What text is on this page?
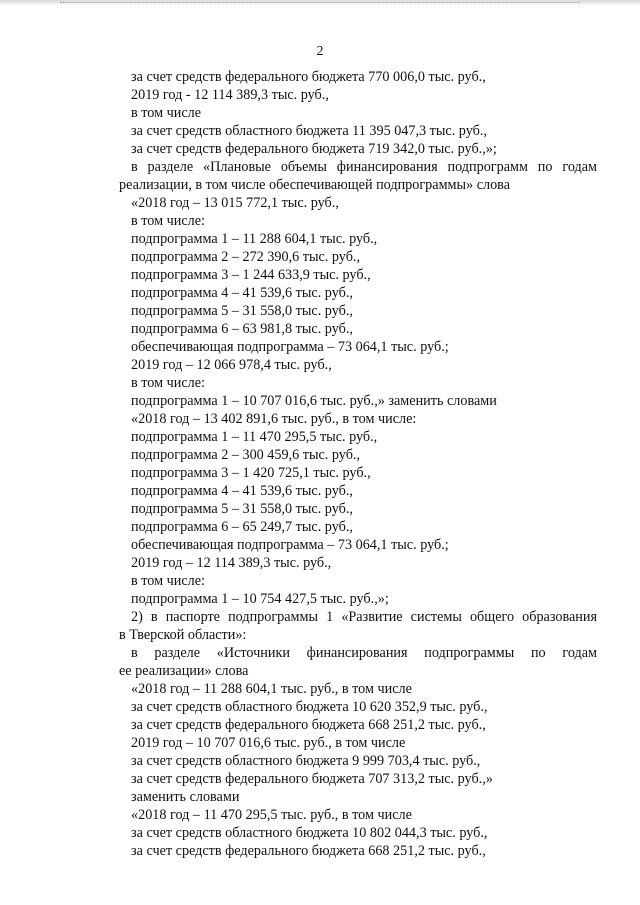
2
за счет средств федерального бюджета 770 006,0 тыс. руб.,
2019 год - 12 114 389,3 тыс. руб.,
в том числе
за счет средств областного бюджета 11 395 047,3 тыс. руб.,
за счет средств федерального бюджета 719 342,0 тыс. руб.,»;
в разделе «Плановые объемы финансирования подпрограмм по годам
реализации, в том числе обеспечивающей подпрограммы» слова
«2018 год – 13 015 772,1 тыс. руб.,
в том числе:
подпрограмма 1 – 11 288 604,1 тыс. руб.,
подпрограмма 2 – 272 390,6 тыс. руб.,
подпрограмма 3 – 1 244 633,9 тыс. руб.,
подпрограмма 4 – 41 539,6 тыс. руб.,
подпрограмма 5 – 31 558,0 тыс. руб.,
подпрограмма 6 – 63 981,8 тыс. руб.,
обеспечивающая подпрограмма – 73 064,1 тыс. руб.;
2019 год – 12 066 978,4 тыс. руб.,
в том числе:
подпрограмма 1 – 10 707 016,6 тыс. руб.,» заменить словами
«2018 год – 13 402 891,6 тыс. руб., в том числе:
подпрограмма 1 – 11 470 295,5 тыс. руб.,
подпрограмма 2 – 300 459,6 тыс. руб.,
подпрограмма 3 – 1 420 725,1 тыс. руб.,
подпрограмма 4 – 41 539,6 тыс. руб.,
подпрограмма 5 – 31 558,0 тыс. руб.,
подпрограмма 6 – 65 249,7 тыс. руб.,
обеспечивающая подпрограмма – 73 064,1 тыс. руб.;
2019 год – 12 114 389,3 тыс. руб.,
в том числе:
подпрограмма 1 – 10 754 427,5 тыс. руб.,»;
2) в паспорте подпрограммы 1 «Развитие системы общего образования
в Тверской области»:
в разделе «Источники финансирования подпрограммы по годам
ее реализации» слова
«2018 год – 11 288 604,1 тыс. руб., в том числе
за счет средств областного бюджета 10 620 352,9 тыс. руб.,
за счет средств федерального бюджета 668 251,2 тыс. руб.,
2019 год – 10 707 016,6 тыс. руб., в том числе
за счет средств областного бюджета 9 999 703,4 тыс. руб.,
за счет средств федерального бюджета 707 313,2 тыс. руб.,»
заменить словами
«2018 год – 11 470 295,5 тыс. руб., в том числе
за счет средств областного бюджета 10 802 044,3 тыс. руб.,
за счет средств федерального бюджета 668 251,2 тыс. руб.,
